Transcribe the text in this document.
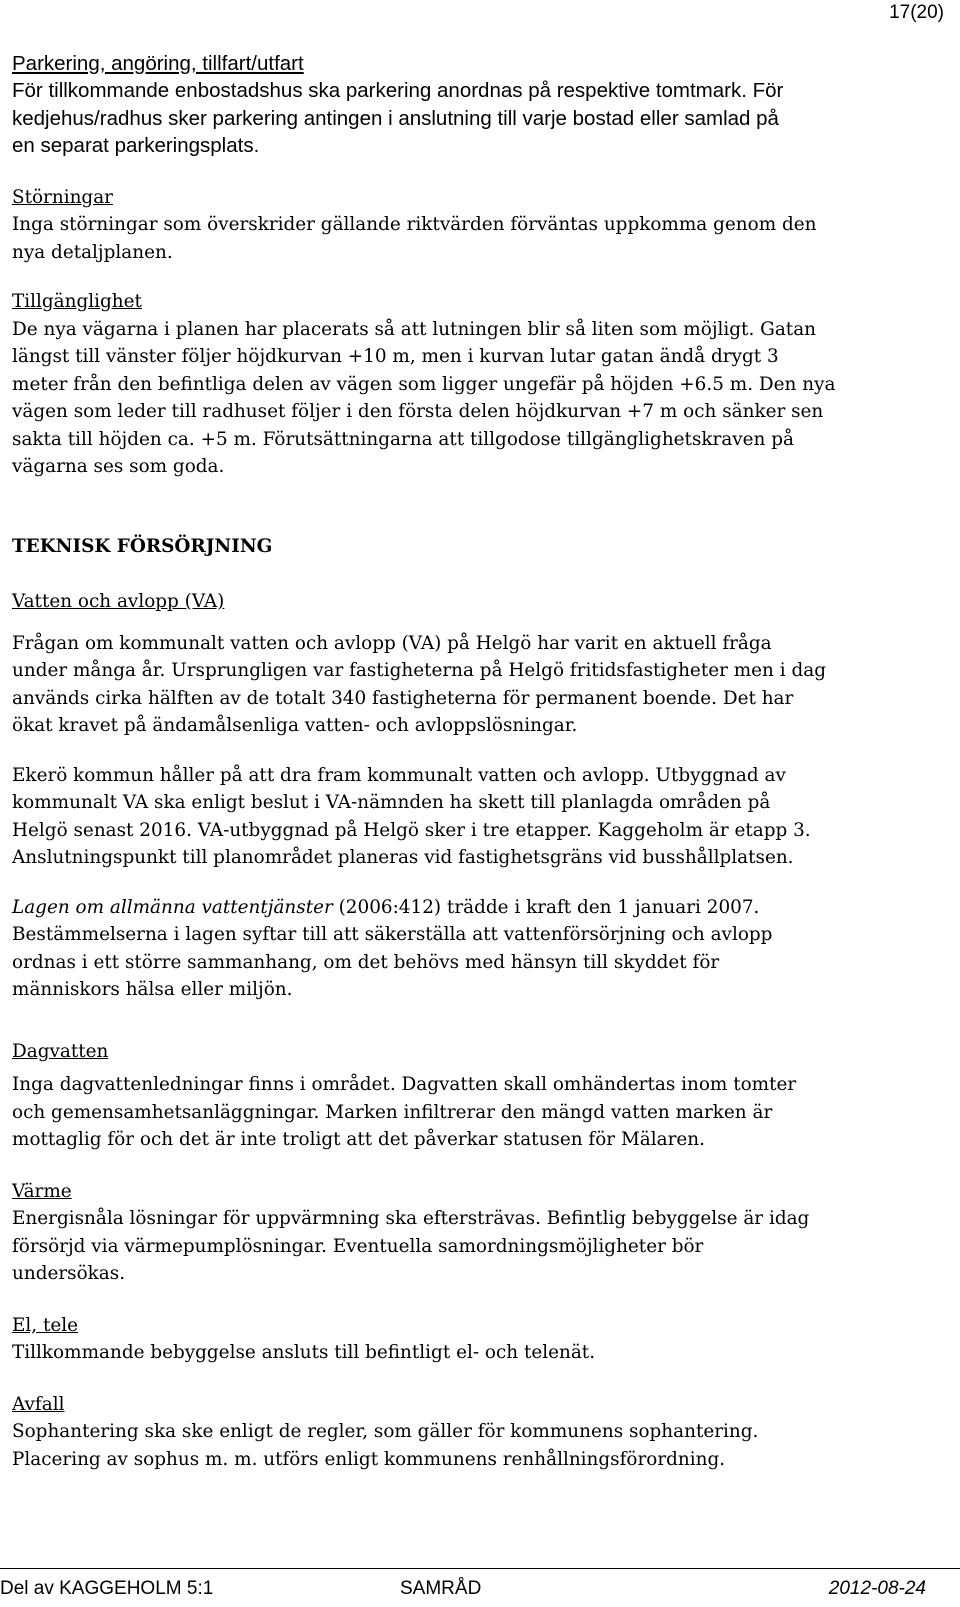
17(20)

Parkering, angöring, tillfart/utfart

För tillkommande enbostadshus ska parkering anordnas på respektive tomtmark. För

kedjehus/radhus sker parkering antingen i anslutning till varje bostad eller samlad på

en separat parkeringsplats.

Störningar

Inga störningar som överskrider gällande riktvärden förväntas uppkomma genom den

nya detaljplanen.

Tillgänglighet

De nya vägarna i planen har placerats så att lutningen blir så liten som möjligt. Gatan

längst till vänster följer höjdkurvan +10 m, men i kurvan lutar gatan ändå drygt 3

meter från den befintliga delen av vägen som ligger ungefär på höjden +6.5 m. Den nya

vägen som leder till radhuset följer i den första delen höjdkurvan +7 m och sänker sen

sakta till höjden ca. +5 m. Förutsättningarna att tillgodose tillgänglighetskraven på

vägarna ses som goda.

TEKNISK FÖRSÖRJNING

Vatten och avlopp (VA)

Frågan om kommunalt vatten och avlopp (VA) på Helgö har varit en aktuell fråga

under många år. Ursprungligen var fastigheterna på Helgö fritidsfastigheter men i dag

används cirka hälften av de totalt 340 fastigheterna för permanent boende. Det har

ökat kravet på ändamålsenliga vatten- och avloppslösningar.

Ekerö kommun håller på att dra fram kommunalt vatten och avlopp. Utbyggnad av

kommunalt VA ska enligt beslut i VA-nämnden ha skett till planlagda områden på

Helgö senast 2016. VA-utbyggnad på Helgö sker i tre etapper. Kaggeholm är etapp 3.

Anslutningspunkt till planområdet planeras vid fastighetsgräns vid busshållplatsen.

Lagen om allmänna vattentjänster (2006:412) trädde i kraft den 1 januari 2007.

Bestämmelserna i lagen syftar till att säkerställa att vattenförsörjning och avlopp

ordnas i ett större sammanhang, om det behövs med hänsyn till skyddet för

människors hälsa eller miljön.

Dagvatten

Inga dagvattenledningar finns i området. Dagvatten skall omhändertas inom tomter

och gemensamhetsanläggningar. Marken infiltrerar den mängd vatten marken är

mottaglig för och det är inte troligt att det påverkar statusen för Mälaren.

Värme

Energisnåla lösningar för uppvärmning ska eftersträvas. Befintlig bebyggelse är idag

försörjd via värmepumplösningar. Eventuella samordningsmöjligheter bör

undersökas.

El, tele

Tillkommande bebyggelse ansluts till befintligt el- och telenät.

Avfall

Sophantering ska ske enligt de regler, som gäller för kommunens sophantering.

Placering av sophus m. m. utförs enligt kommunens renhållningsförordning.

Del av KAGGEHOLM 5:1	SAMRÅD	2012-08-24
